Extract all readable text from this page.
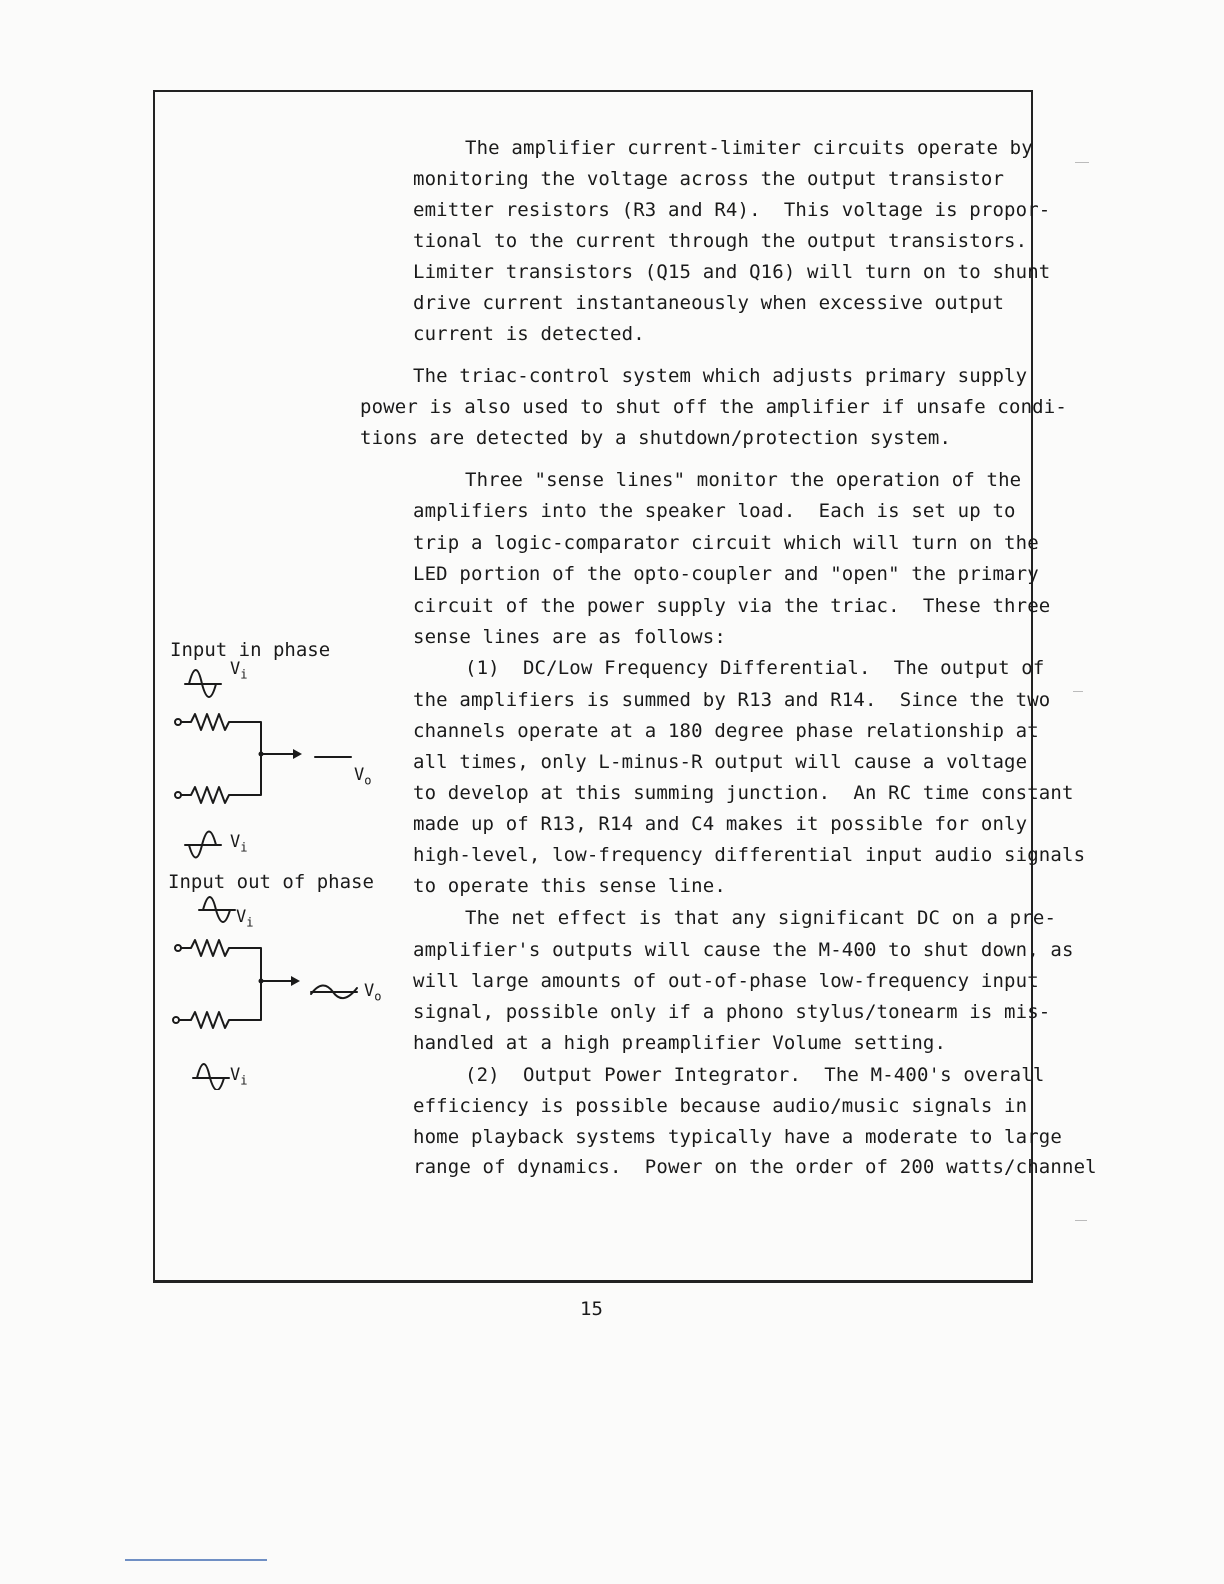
The amplifier current-limiter circuits operate by
monitoring the voltage across the output transistor
emitter resistors (R3 and R4).  This voltage is propor-
tional to the current through the output transistors.
Limiter transistors (Q15 and Q16) will turn on to shunt
drive current instantaneously when excessive output
current is detected.
The triac-control system which adjusts primary supply
power is also used to shut off the amplifier if unsafe condi-
tions are detected by a shutdown/protection system.
Three "sense lines" monitor the operation of the
amplifiers into the speaker load.  Each is set up to
trip a logic-comparator circuit which will turn on the
LED portion of the opto-coupler and "open" the primary
circuit of the power supply via the triac.  These three
sense lines are as follows:
(1)  DC/Low Frequency Differential.  The output of
the amplifiers is summed by R13 and R14.  Since the two
channels operate at a 180 degree phase relationship at
all times, only L-minus-R output will cause a voltage
to develop at this summing junction.  An RC time constant
made up of R13, R14 and C4 makes it possible for only
high-level, low-frequency differential input audio signals
to operate this sense line.
The net effect is that any significant DC on a pre-
amplifier's outputs will cause the M-400 to shut down, as
will large amounts of out-of-phase low-frequency input
signal, possible only if a phono stylus/tonearm is mis-
handled at a high preamplifier Volume setting.
(2)  Output Power Integrator.  The M-400's overall
efficiency is possible because audio/music signals in
home playback systems typically have a moderate to large
range of dynamics.  Power on the order of 200 watts/channel
Input in phase
Input out of phase
$V_i$
$V_o$
$V_i$
$V_i$
$V_o$
$V_i$
15
